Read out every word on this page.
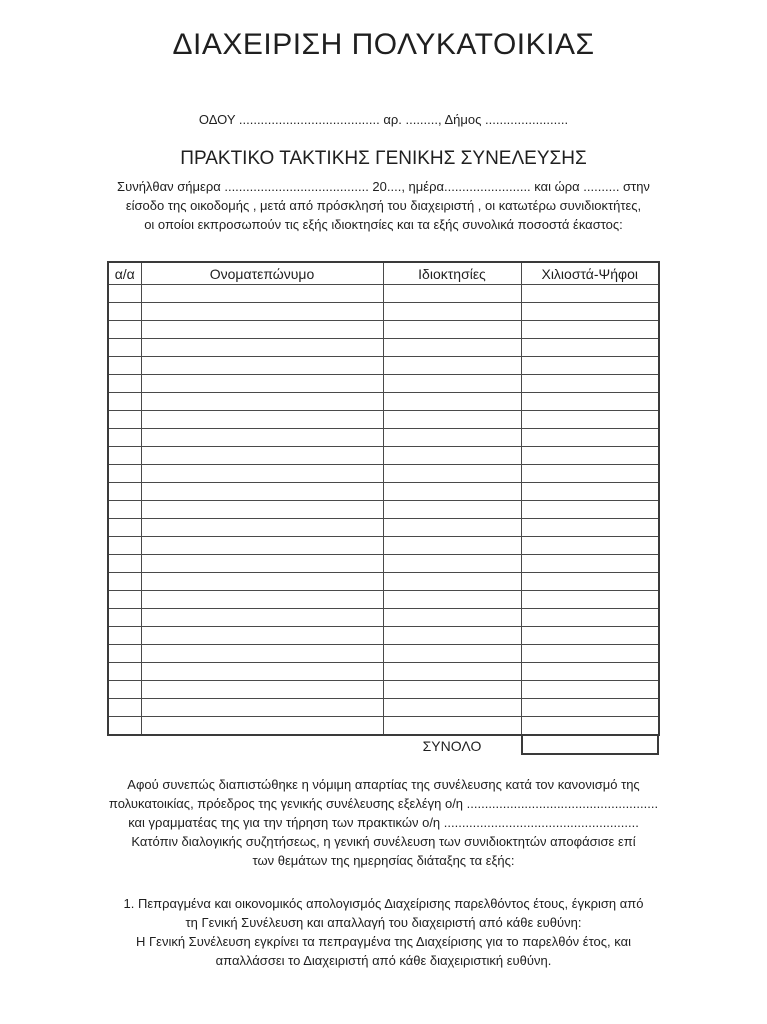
ΔΙΑΧΕΙΡΙΣΗ ΠΟΛΥΚΑΤΟΙΚΙΑΣ
ΟΔΟΥ ....................................... αρ. ........., Δήμος .......................
ΠΡΑΚΤΙΚΟ ΤΑΚΤΙΚΗΣ ΓΕΝΙΚΗΣ ΣΥΝΕΛΕΥΣΗΣ
Συνήλθαν σήμερα ........................................ 20...., ημέρα........................ και ώρα .......... στην
είσοδο της οικοδομής , μετά από πρόσκλησή του διαχειριστή , οι κατωτέρω συνιδιοκτήτες,
οι οποίοι εκπροσωπούν τις εξής ιδιοκτησίες και τα εξής συνολικά ποσοστά έκαστος:
α/α	Ονοματεπώνυμο	Ιδιοκτησίες	Χιλιοστά-Ψήφοι

ΣΥΝΟΛΟ
Αφού συνεπώς διαπιστώθηκε η νόμιμη απαρτίας της συνέλευσης κατά τον κανονισμό της
πολυκατοικίας, πρόεδρος της γενικής συνέλευσης εξελέγη ο/η .....................................................
και γραμματέας της για την τήρηση των πρακτικών ο/η ......................................................
Κατόπιν διαλογικής συζητήσεως, η γενική συνέλευση των συνιδιοκτητών αποφάσισε επί
των θεμάτων της ημερησίας διάταξης τα εξής:
1. Πεπραγμένα και οικονομικός απολογισμός Διαχείρισης παρελθόντος έτους, έγκριση από
τη Γενική Συνέλευση και απαλλαγή του διαχειριστή από κάθε ευθύνη:
Η Γενική Συνέλευση εγκρίνει τα πεπραγμένα της Διαχείρισης για το παρελθόν έτος, και
απαλλάσσει το Διαχειριστή από κάθε διαχειριστική ευθύνη.
